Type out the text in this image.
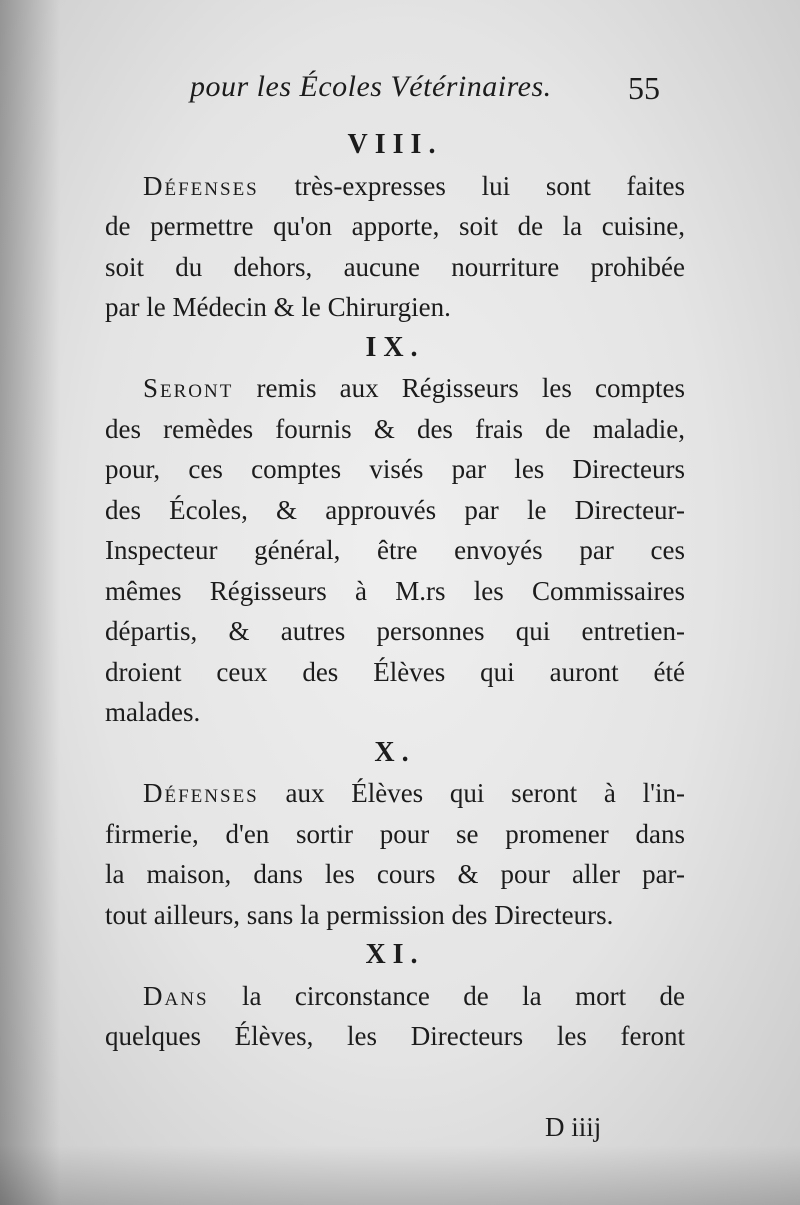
pour les Écoles Vétérinaires. 55
VIII.

Défenses très-expresses lui sont faites
de permettre qu'on apporte, soit de la cuisine,
soit du dehors, aucune nourriture prohibée
par le Médecin & le Chirurgien.

IX.

Seront remis aux Régisseurs les comptes
des remèdes fournis & des frais de maladie,
pour, ces comptes visés par les Directeurs
des Écoles, & approuvés par le Directeur-
Inspecteur général, être envoyés par ces
mêmes Régisseurs à M.rs les Commissaires
départis, & autres personnes qui entretien-
droient ceux des Élèves qui auront été
malades.

X.

Défenses aux Élèves qui seront à l'in-
firmerie, d'en sortir pour se promener dans
la maison, dans les cours & pour aller par-
tout ailleurs, sans la permission des Directeurs.

XI.

Dans la circonstance de la mort de
quelques Élèves, les Directeurs les feront

D iiij
